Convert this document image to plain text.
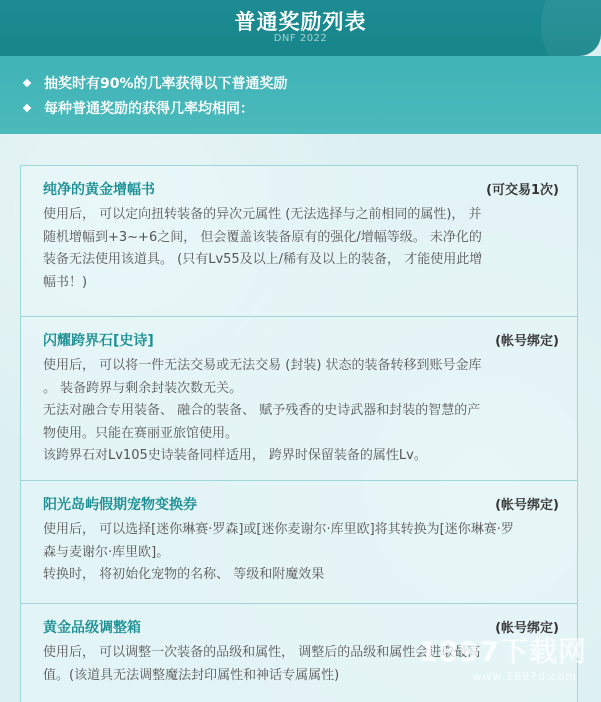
普通奖励列表
DNF 2022
抽奖时有90%的几率获得以下普通奖励
每种普通奖励的获得几率均相同：
纯净的黄金增幅书	(可交易1次)

使用后， 可以定向扭转装备的异次元属性 (无法选择与之前相同的属性)， 并

随机增幅到+3~+6之间， 但会覆盖该装备原有的强化/增幅等级。 未净化的

装备无法使用该道具。 (只有Lv55及以上/稀有及以上的装备， 才能使用此增

幅书！)

闪耀跨界石[史诗]	(帐号绑定)

使用后， 可以将一件无法交易或无法交易 (封装) 状态的装备转移到账号金库

。 装备跨界与剩余封装次数无关。

无法对融合专用装备、 融合的装备、 赋予残香的史诗武器和封装的智慧的产

物使用。只能在赛丽亚旅馆使用。

该跨界石对Lv105史诗装备同样适用， 跨界时保留装备的属性Lv。

阳光岛屿假期宠物变换券	(帐号绑定)

使用后， 可以选择[迷你琳赛·罗森]或[迷你麦谢尔·库里欧]将其转换为[迷你琳赛·罗

森与麦谢尔·库里欧]。

转换时， 将初始化宠物的名称、 等级和附魔效果

黄金品级调整箱	(帐号绑定)

使用后， 可以调整一次装备的品级和属性， 调整后的品级和属性会进取最高

值。(该道具无法调整魔法封印属性和神话专属属性)

1897下载网
www.1897d.com
